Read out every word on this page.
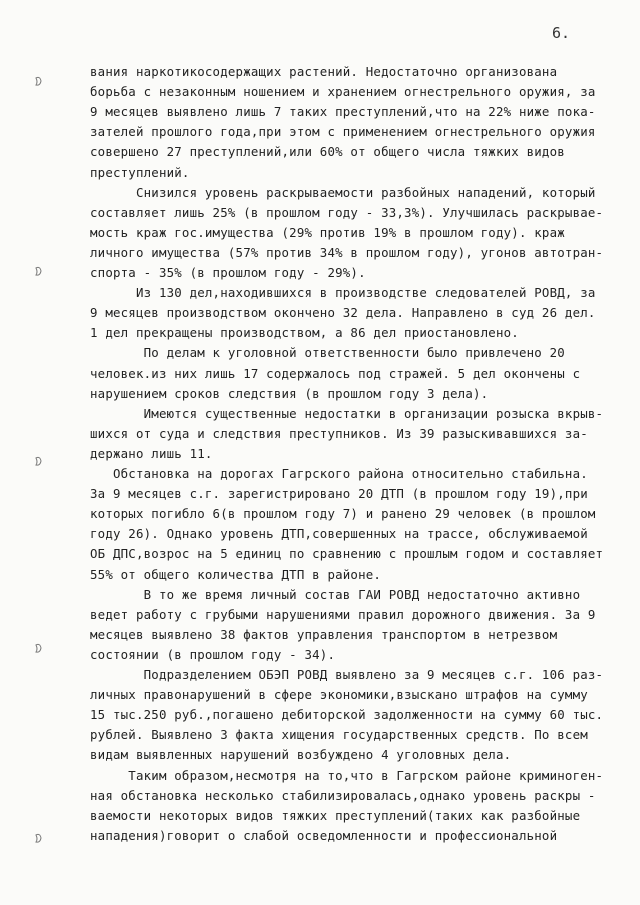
6.
вания наркотикосодержащих растений. Недостаточно организована
борьба с незаконным ношением и хранением огнестрельного оружия, за
9 месяцев выявлено лишь 7 таких преступлений,что на 22% ниже пока-
зателей прошлого года,при этом с применением огнестрельного оружия
совершено 27 преступлений,или 60% от общего числа тяжких видов
преступлений.
Снизился уровень раскрываемости разбойных нападений, который
составляет лишь 25% (в прошлом году - 33,3%). Улучшилась раскрывае-
мость краж гос.имущества (29% против 19% в прошлом году). краж
личного имущества (57% против 34% в прошлом году), угонов автотран-
спорта - 35% (в прошлом году - 29%).
Из 130 дел,находившихся в производстве следователей РОВД, за
9 месяцев производством окончено 32 дела. Направлено в суд 26 дел.
1 дел прекращены производством, а 86 дел приостановлено.
По делам к уголовной ответственности было привлечено 20
человек.из них лишь 17 содержалось под стражей. 5 дел окончены с
нарушением сроков следствия (в прошлом году 3 дела).
Имеются существенные недостатки в организации розыска вкрыв-
шихся от суда и следствия преступников. Из 39 разыскивавшихся за-
держано лишь 11.
Обстановка на дорогах Гагрского района относительно стабильна.
За 9 месяцев с.г. зарегистрировано 20 ДТП (в прошлом году 19),при
которых погибло 6(в прошлом году 7) и ранено 29 человек (в прошлом
году 26). Однако уровень ДТП,совершенных на трассе, обслуживаемой
ОБ ДПС,возрос на 5 единиц по сравнению с прошлым годом и составляет
55% от общего количества ДТП в районе.
В то же время личный состав ГАИ РОВД недостаточно активно
ведет работу с грубыми нарушениями правил дорожного движения. За 9
месяцев выявлено 38 фактов управления транспортом в нетрезвом
состоянии (в прошлом году - 34).
Подразделением ОБЭП РОВД выявлено за 9 месяцев с.г. 106 раз-
личных правонарушений в сфере экономики,взыскано штрафов на сумму
15 тыс.250 руб.,погашено дебиторской задолженности на сумму 60 тыс.
рублей. Выявлено 3 факта хищения государственных средств. По всем
видам выявленных нарушений возбуждено 4 уголовных дела.
Таким образом,несмотря на то,что в Гагрском районе криминоген-
ная обстановка несколько стабилизировалась,однако уровень раскры -
ваемости некоторых видов тяжких преступлений(таких как разбойные
нападения)говорит о слабой осведомленности и профессиональной
